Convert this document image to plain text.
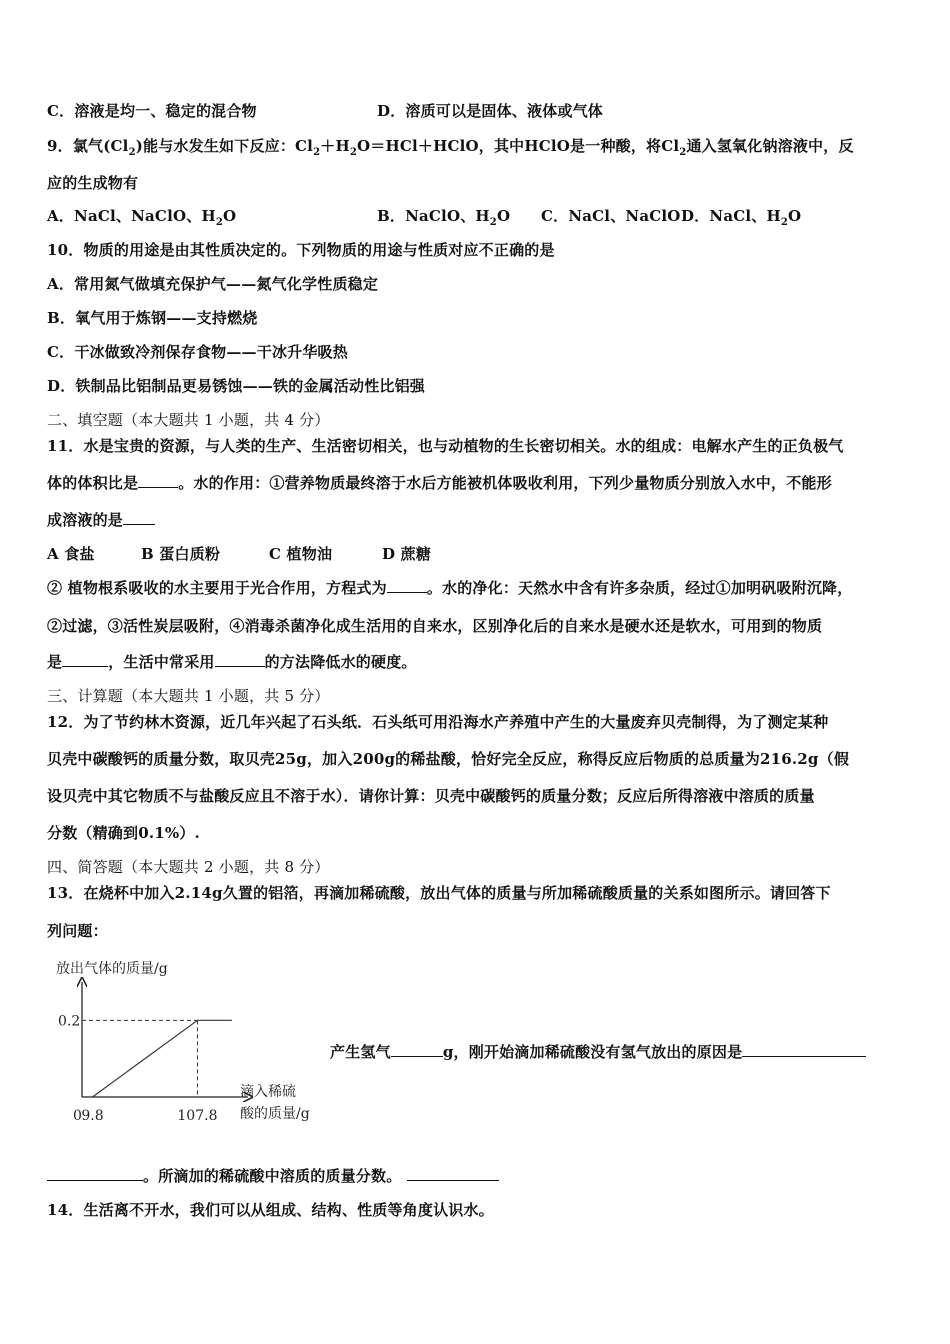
C．溶液是均一、稳定的混合物	D．溶质可以是固体、液体或气体
9．氯气$(Cl_2)$能与水发生如下反应：$Cl_2+H_2O=HCl+HClO$，其中HClO是一种酸，将$Cl_2$通入氢氧化钠溶液中，反
应的生成物有
A．NaCl、NaClO、$H_2O$	B．NaClO、$H_2O$ C．NaCl、NaClO D．NaCl、$H_2O$
10．物质的用途是由其性质决定的。下列物质的用途与性质对应不正确的是
A．常用氮气做填充保护气——氮气化学性质稳定
B．氧气用于炼钢——支持燃烧
C．干冰做致冷剂保存食物——干冰升华吸热
D．铁制品比铝制品更易锈蚀——铁的金属活动性比铝强
二、填空题（本大题共 1 小题，共 4 分）
11．水是宝贵的资源，与人类的生产、生活密切相关，也与动植物的生长密切相关。水的组成：电解水产生的正负极气
体的体积比是	。水的作用：①营养物质最终溶于水后方能被机体吸收利用，下列少量物质分别放入水中，不能形
成溶液的是
A 食盐	B 蛋白质粉	C 植物油	D 蔗糖
② 植物根系吸收的水主要用于光合作用，方程式为	。水的净化：天然水中含有许多杂质，经过①加明矾吸附沉降，
②过滤，③活性炭层吸附，④消毒杀菌净化成生活用的自来水，区别净化后的自来水是硬水还是软水，可用到的物质
是	，生活中常采用	的方法降低水的硬度。
三、计算题（本大题共 1 小题，共 5 分）
12．为了节约林木资源，近几年兴起了石头纸．石头纸可用沿海水产养殖中产生的大量废弃贝壳制得，为了测定某种
贝壳中碳酸钙的质量分数，取贝壳25g，加入200g的稀盐酸，恰好完全反应，称得反应后物质的总质量为216.2g（假
设贝壳中其它物质不与盐酸反应且不溶于水）．请你计算：贝壳中碳酸钙的质量分数；反应后所得溶液中溶质的质量
分数（精确到0.1%）.
四、简答题（本大题共 2 小题，共 8 分）
13．在烧杯中加入2.14g久置的铝箔，再滴加稀硫酸，放出气体的质量与所加稀硫酸质量的关系如图所示。请回答下
列问题：
放出气体的质量/g
0.2
0 9.8	107.8
滴入稀硫
酸的质量/g
产生氢气	g，刚开始滴加稀硫酸没有氢气放出的原因是
。所滴加的稀硫酸中溶质的质量分数。
14．生活离不开水，我们可以从组成、结构、性质等角度认识水。
